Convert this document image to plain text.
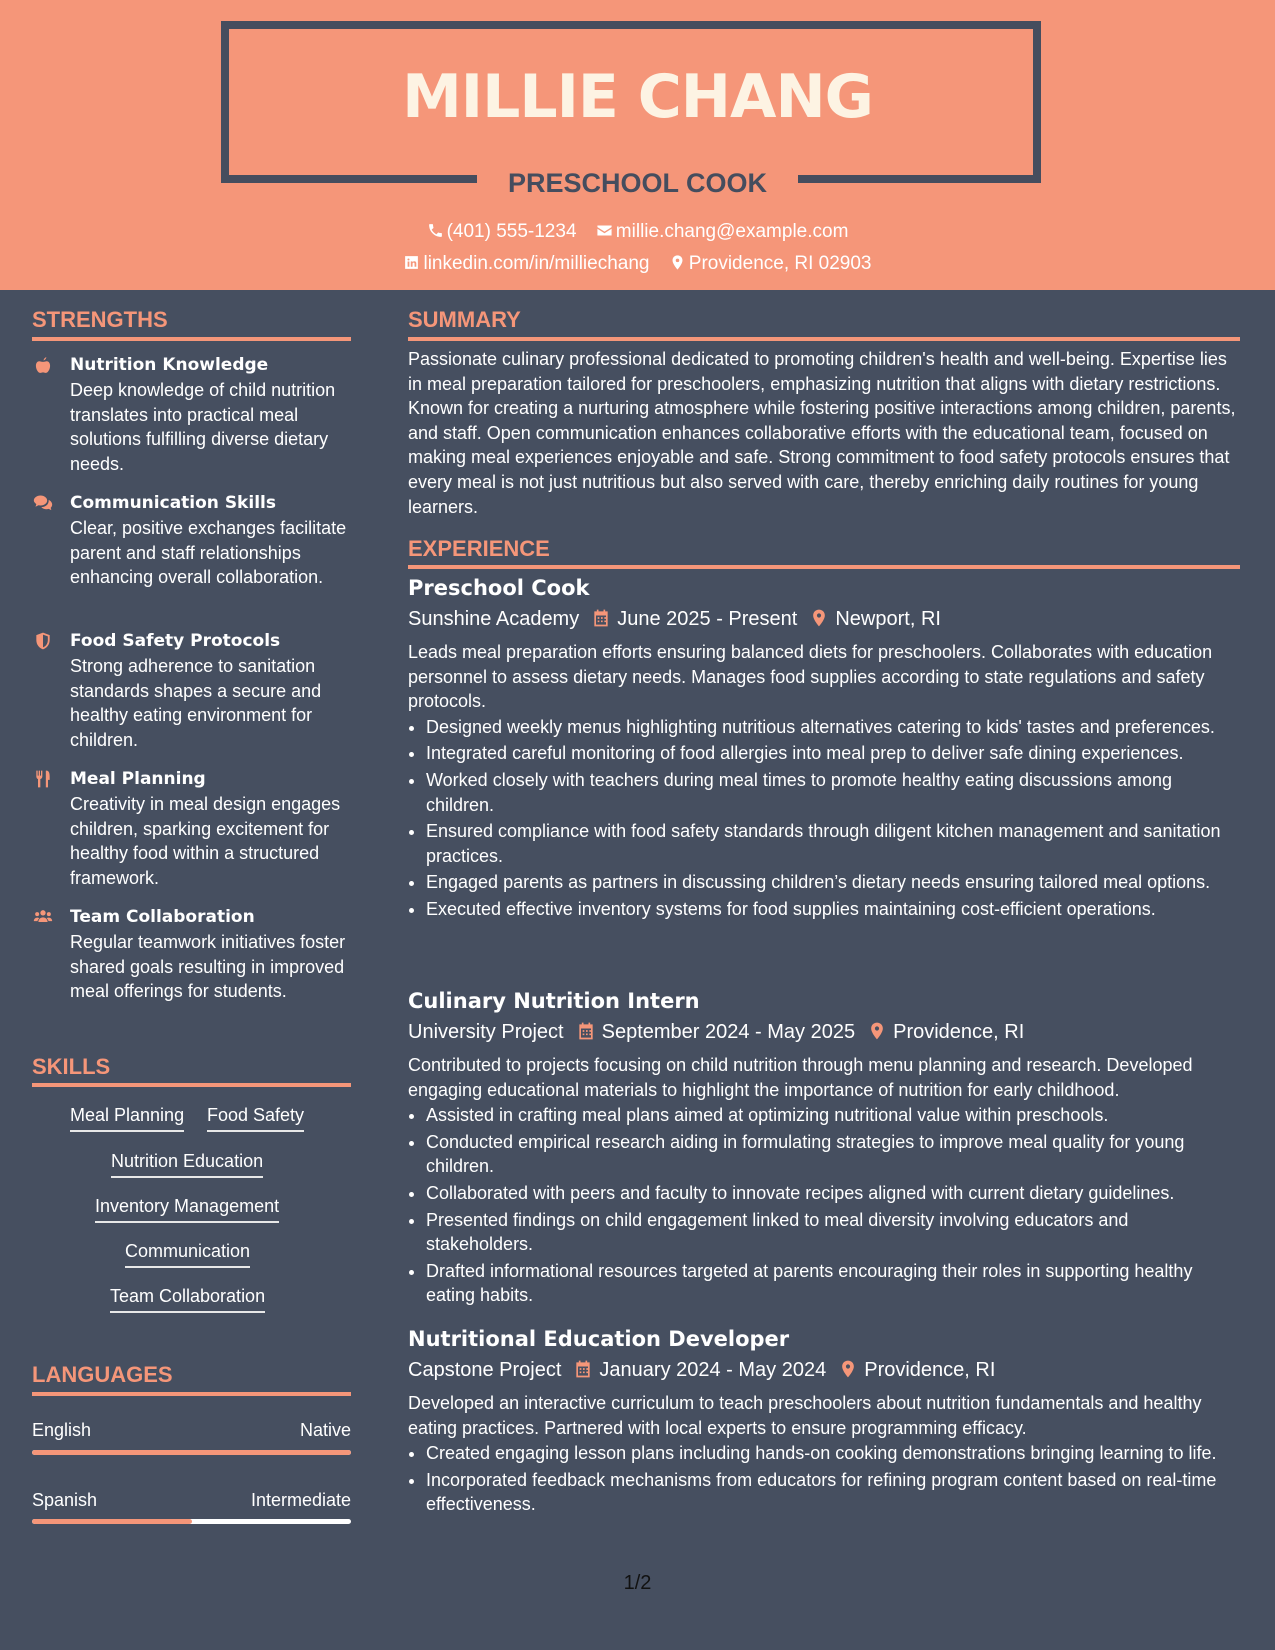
MILLIE CHANG
PRESCHOOL COOK
(401) 555-1234 millie.chang@example.com
linkedin.com/in/milliechang Providence, RI 02903
STRENGTHS
Nutrition Knowledge
Deep knowledge of child nutrition translates into practical meal solutions fulfilling diverse dietary needs.
Communication Skills
Clear, positive exchanges facilitate parent and staff relationships enhancing overall collaboration.
Food Safety Protocols
Strong adherence to sanitation standards shapes a secure and healthy eating environment for children.
Meal Planning
Creativity in meal design engages children, sparking excitement for healthy food within a structured framework.
Team Collaboration
Regular teamwork initiatives foster shared goals resulting in improved meal offerings for students.
SKILLS
Meal Planning Food Safety
Nutrition Education
Inventory Management
Communication
Team Collaboration
LANGUAGES
English	Native
Spanish	Intermediate
SUMMARY
Passionate culinary professional dedicated to promoting children's health and well-being. Expertise lies in meal preparation tailored for preschoolers, emphasizing nutrition that aligns with dietary restrictions. Known for creating a nurturing atmosphere while fostering positive interactions among children, parents, and staff. Open communication enhances collaborative efforts with the educational team, focused on making meal experiences enjoyable and safe. Strong commitment to food safety protocols ensures that every meal is not just nutritious but also served with care, thereby enriching daily routines for young learners.
EXPERIENCE
Preschool Cook
Sunshine Academy June 2025 - Present Newport, RI
Leads meal preparation efforts ensuring balanced diets for preschoolers. Collaborates with education personnel to assess dietary needs. Manages food supplies according to state regulations and safety protocols.
• Designed weekly menus highlighting nutritious alternatives catering to kids' tastes and preferences.
• Integrated careful monitoring of food allergies into meal prep to deliver safe dining experiences.
• Worked closely with teachers during meal times to promote healthy eating discussions among children.
• Ensured compliance with food safety standards through diligent kitchen management and sanitation practices.
• Engaged parents as partners in discussing children’s dietary needs ensuring tailored meal options.
• Executed effective inventory systems for food supplies maintaining cost-efficient operations.
Culinary Nutrition Intern
University Project September 2024 - May 2025 Providence, RI
Contributed to projects focusing on child nutrition through menu planning and research. Developed engaging educational materials to highlight the importance of nutrition for early childhood.
• Assisted in crafting meal plans aimed at optimizing nutritional value within preschools.
• Conducted empirical research aiding in formulating strategies to improve meal quality for young children.
• Collaborated with peers and faculty to innovate recipes aligned with current dietary guidelines.
• Presented findings on child engagement linked to meal diversity involving educators and stakeholders.
• Drafted informational resources targeted at parents encouraging their roles in supporting healthy eating habits.
Nutritional Education Developer
Capstone Project January 2024 - May 2024 Providence, RI
Developed an interactive curriculum to teach preschoolers about nutrition fundamentals and healthy eating practices. Partnered with local experts to ensure programming efficacy.
• Created engaging lesson plans including hands-on cooking demonstrations bringing learning to life.
• Incorporated feedback mechanisms from educators for refining program content based on real-time effectiveness.
1/2
